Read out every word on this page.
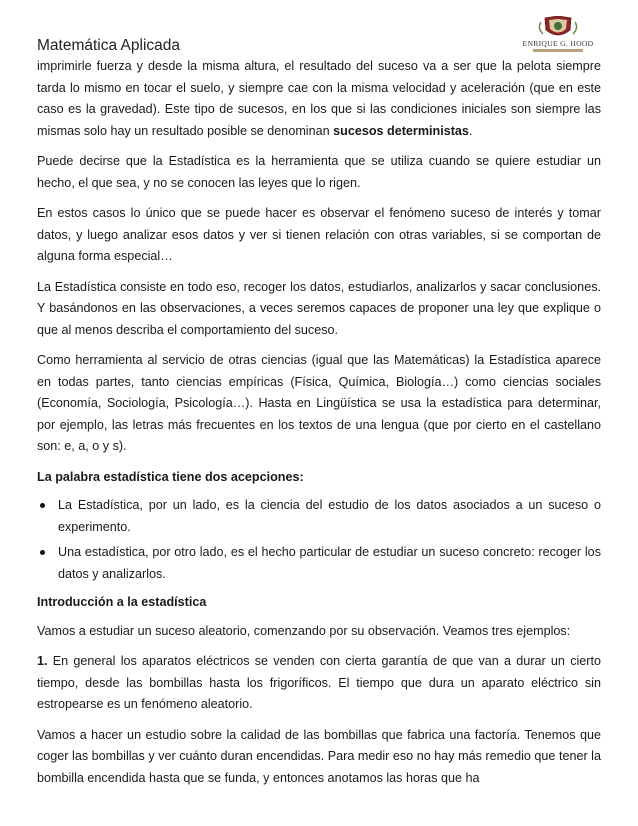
Matemática Aplicada	ENRIQUE G. HOOD

imprimirle fuerza y desde la misma altura, el resultado del suceso va a ser que la pelota siempre tarda lo mismo en tocar el suelo, y siempre cae con la misma velocidad y aceleración (que en este caso es la gravedad). Este tipo de sucesos, en los que si las condiciones iniciales son siempre las mismas solo hay un resultado posible se denominan sucesos deterministas.

Puede decirse que la Estadística es la herramienta que se utiliza cuando se quiere estudiar un hecho, el que sea, y no se conocen las leyes que lo rigen.

En estos casos lo único que se puede hacer es observar el fenómeno suceso de interés y tomar datos, y luego analizar esos datos y ver si tienen relación con otras variables, si se comportan de alguna forma especial…

La Estadística consiste en todo eso, recoger los datos, estudiarlos, analizarlos y sacar conclusiones. Y basándonos en las observaciones, a veces seremos capaces de proponer una ley que explique o que al menos describa el comportamiento del suceso.

Como herramienta al servicio de otras ciencias (igual que las Matemáticas) la Estadística aparece en todas partes, tanto ciencias empíricas (Física, Química, Biología…) como ciencias sociales (Economía, Sociología, Psicología…). Hasta en Lingüística se usa la estadística para determinar, por ejemplo, las letras más frecuentes en los textos de una lengua (que por cierto en el castellano son: e, a, o y s).

La palabra estadística tiene dos acepciones:

La Estadística, por un lado, es la ciencia del estudio de los datos asociados a un suceso o experimento.
Una estadística, por otro lado, es el hecho particular de estudiar un suceso concreto: recoger los datos y analizarlos.

Introducción a la estadística

Vamos a estudiar un suceso aleatorio, comenzando por su observación. Veamos tres ejemplos:

1. En general los aparatos eléctricos se venden con cierta garantía de que van a durar un cierto tiempo, desde las bombillas hasta los frigoríficos. El tiempo que dura un aparato eléctrico sin estropearse es un fenómeno aleatorio.

Vamos a hacer un estudio sobre la calidad de las bombillas que fabrica una factoría. Tenemos que coger las bombillas y ver cuánto duran encendidas. Para medir eso no hay más remedio que tener la bombilla encendida hasta que se funda, y entonces anotamos las horas que ha
